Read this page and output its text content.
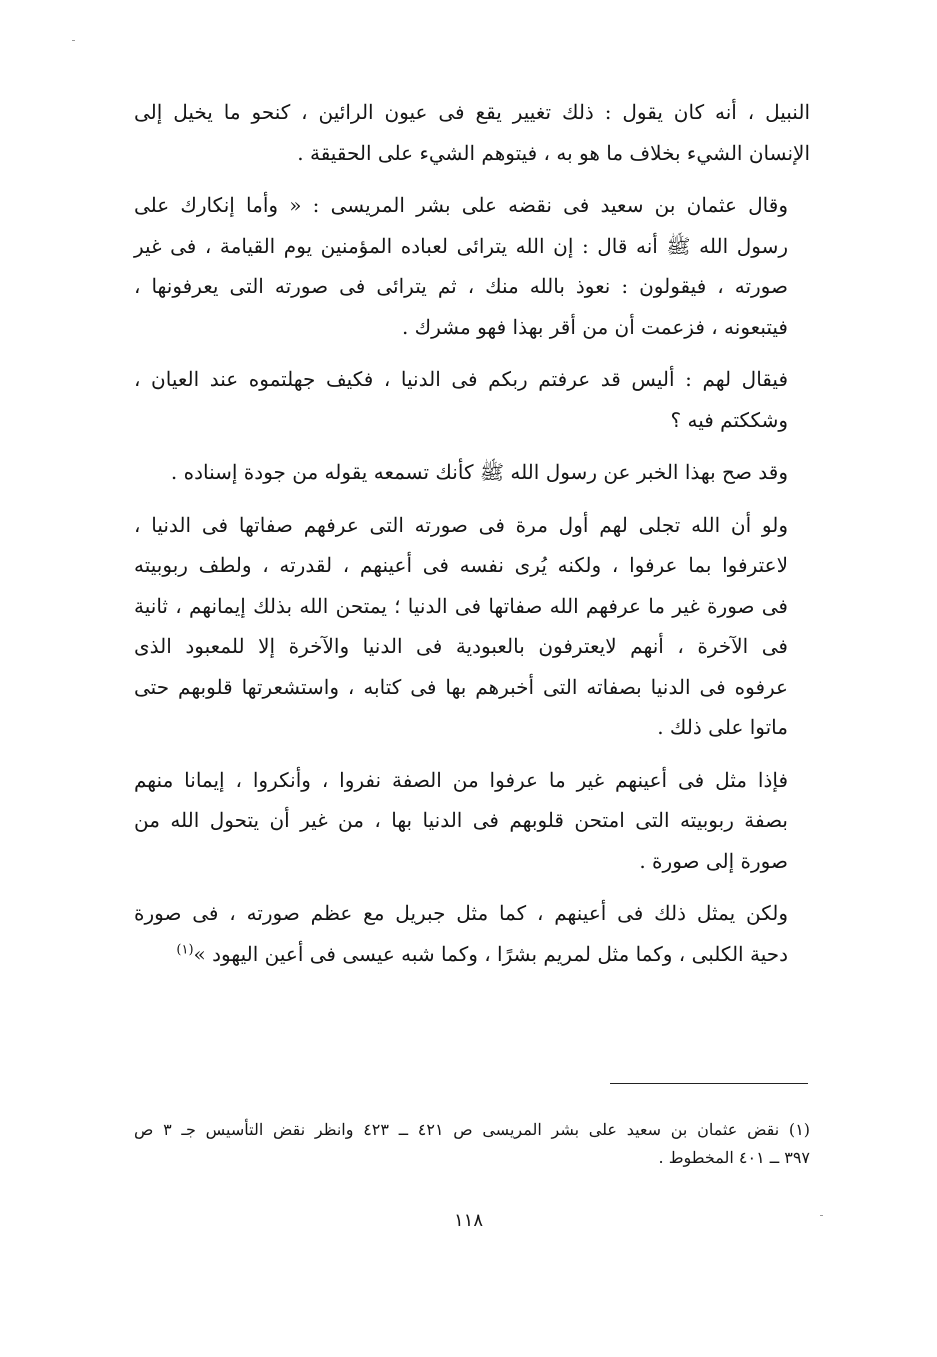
النبيل ، أنه كان يقول : ذلك تغيير يقع فى عيون الرائين ، كنحو ما يخيل إلى
الإنسان الشيء بخلاف ما هو به ، فيتوهم الشيء على الحقيقة .

وقال عثمان بن سعيد فى نقضه على بشر المريسى : « وأما إنكارك على
رسول الله ﷺ أنه قال : إن الله يترائى لعباده المؤمنين يوم القيامة ، فى غير
صورته ، فيقولون : نعوذ بالله منك ، ثم يترائى فى صورته التى يعرفونها ،
فيتبعونه ، فزعمت أن من أقر بهذا فهو مشرك .

فيقال لهم : أليس قد عرفتم ربكم فى الدنيا ، فكيف جهلتموه عند العيان ،
وشككتم فيه ؟

وقد صح بهذا الخبر عن رسول الله ﷺ كأنك تسمعه يقوله من جودة إسناده .

ولو أن الله تجلى لهم أول مرة فى صورته التى عرفهم صفاتها فى الدنيا ،
لاعترفوا بما عرفوا ، ولكنه يُرى نفسه فى أعينهم ، لقدرته ، ولطف ربوبيته
فى صورة غير ما عرفهم الله صفاتها فى الدنيا ؛ يمتحن الله بذلك إيمانهم ، ثانية
فى الآخرة ، أنهم لايعترفون بالعبودية فى الدنيا والآخرة إلا للمعبود الذى
عرفوه فى الدنيا بصفاته التى أخبرهم بها فى كتابه ، واستشعرتها قلوبهم حتى
ماتوا على ذلك .

فإذا مثل فى أعينهم غير ما عرفوا من الصفة نفروا ، وأنكروا ، إيمانا منهم
بصفة ربوبيته التى امتحن قلوبهم فى الدنيا بها ، من غير أن يتحول الله من
صورة إلى صورة .

ولكن يمثل ذلك فى أعينهم ، كما مثل جبريل مع عظم صورته ، فى صورة
دحية الكلبى ، وكما مثل لمريم بشرًا ، وكما شبه عيسى فى أعين اليهود »$^{(١)}$

(١) نقض عثمان بن سعيد على بشر المريسى ص ٤٢١ ــ ٤٢٣ وانظر نقض التأسيس جـ ٣ ص
٣٩٧ ــ ٤٠١ المخطوط .
١١٨
